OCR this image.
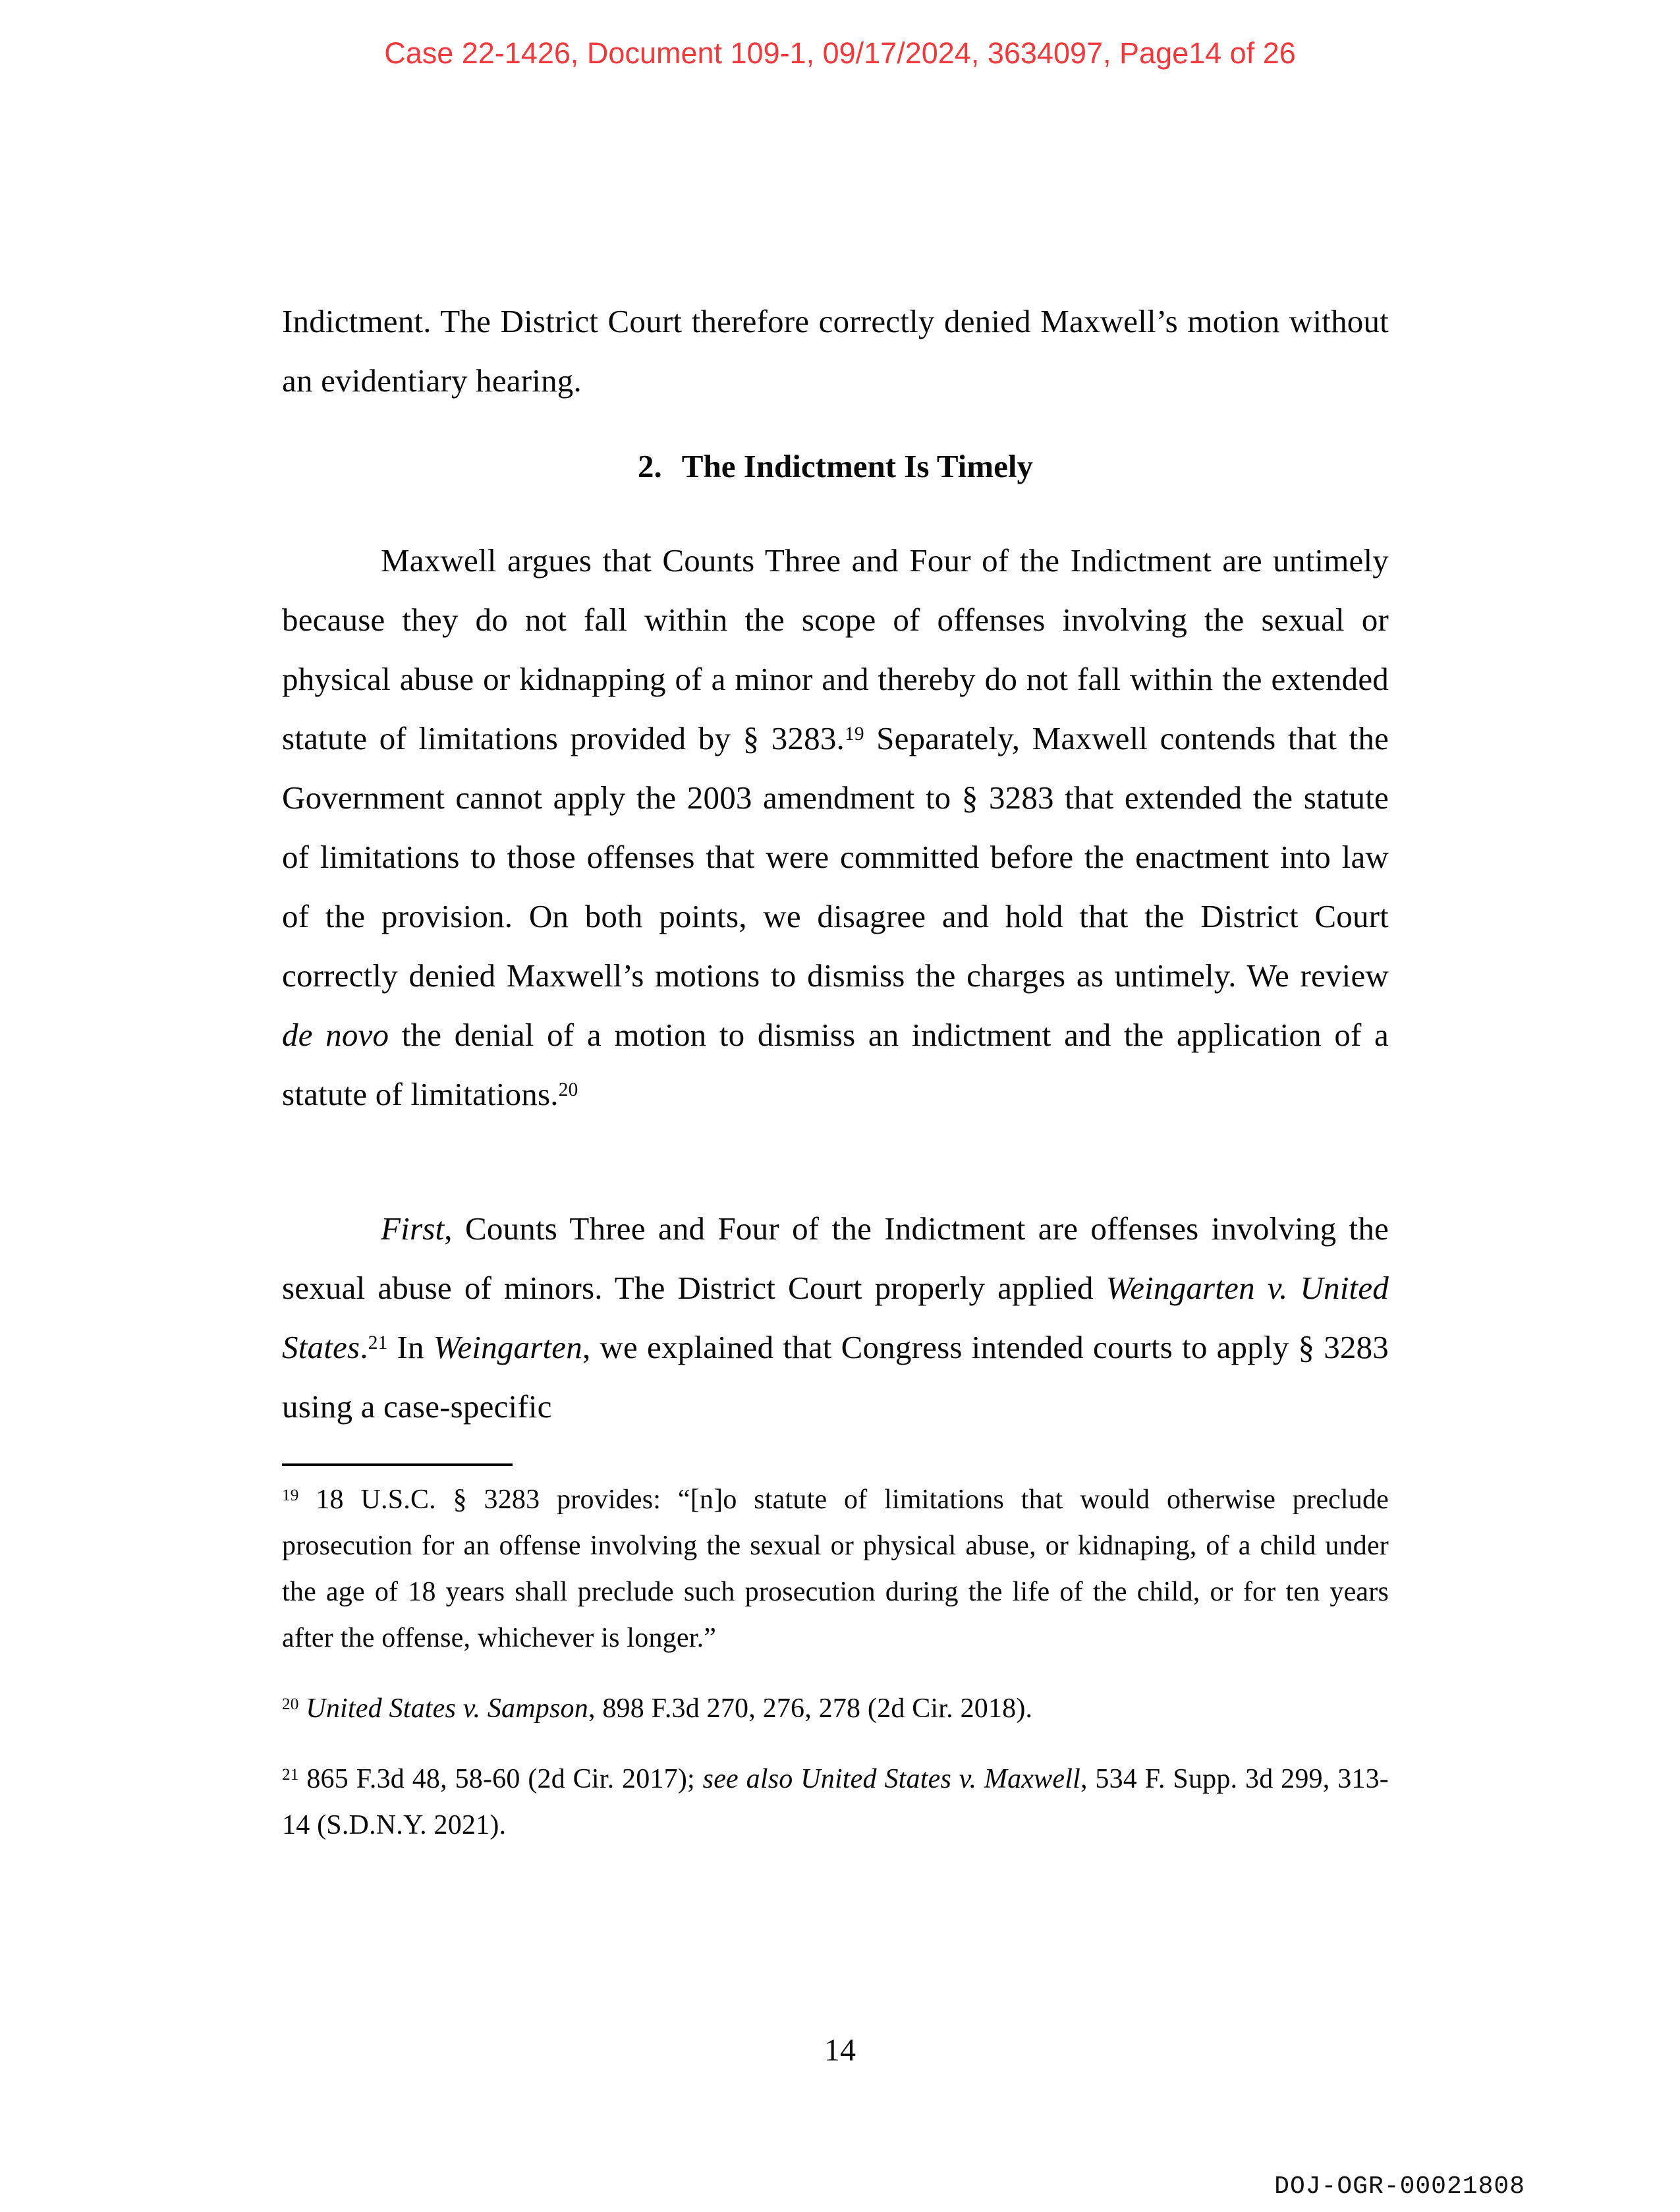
Case 22-1426, Document 109-1, 09/17/2024, 3634097, Page14 of 26
Indictment. The District Court therefore correctly denied Maxwell’s motion without an evidentiary hearing.
2. The Indictment Is Timely
Maxwell argues that Counts Three and Four of the Indictment are untimely because they do not fall within the scope of offenses involving the sexual or physical abuse or kidnapping of a minor and thereby do not fall within the extended statute of limitations provided by § 3283.19 Separately, Maxwell contends that the Government cannot apply the 2003 amendment to § 3283 that extended the statute of limitations to those offenses that were committed before the enactment into law of the provision. On both points, we disagree and hold that the District Court correctly denied Maxwell’s motions to dismiss the charges as untimely. We review de novo the denial of a motion to dismiss an indictment and the application of a statute of limitations.$^{20}$
First, Counts Three and Four of the Indictment are offenses involving the sexual abuse of minors. The District Court properly applied Weingarten v. United States.$^{21}$ In Weingarten, we explained that Congress intended courts to apply § 3283 using a case-specific
$^{19}$ 18 U.S.C. § 3283 provides: “[n]o statute of limitations that would otherwise preclude prosecution for an offense involving the sexual or physical abuse, or kidnaping, of a child under the age of 18 years shall preclude such prosecution during the life of the child, or for ten years after the offense, whichever is longer.”
$^{20}$ United States v. Sampson, 898 F.3d 270, 276, 278 (2d Cir. 2018).
$^{21}$ 865 F.3d 48, 58-60 (2d Cir. 2017); see also United States v. Maxwell, 534 F. Supp. 3d 299, 313-14 (S.D.N.Y. 2021).
14
DOJ-OGR-00021808
